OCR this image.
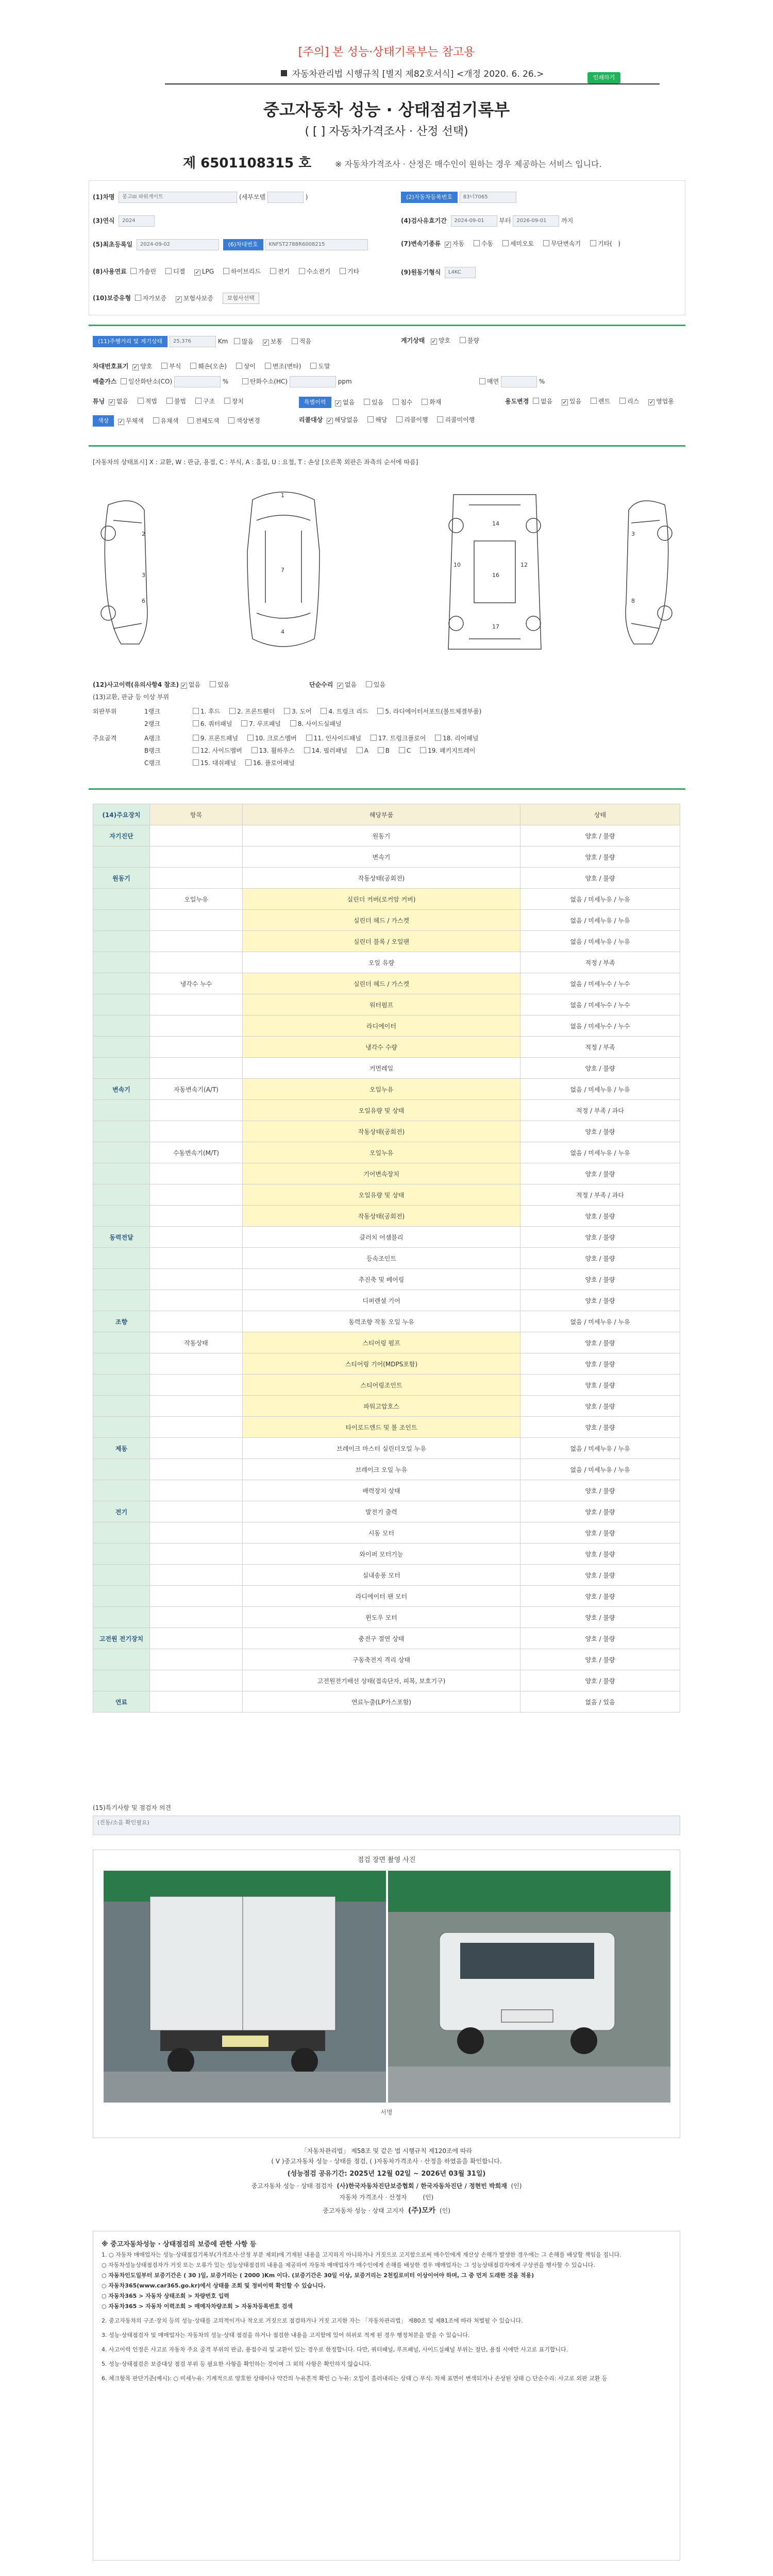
[주의] 본 성능·상태기록부는 참고용
자동차관리법 시행규칙 [별지 제82호서식] <개정 2020. 6. 26.>	인쇄하기
중고자동차 성능 · 상태점검기록부
( [ ] 자동차가격조사 · 산정 선택)
제 6501108315 호	※ 자동차가격조사 · 산정은 매수인이 원하는 경우 제공하는 서비스 입니다.
(1)차명 봉고III 파워게이트	(세부모델	)	(2)자동차등록번호 83너7065
(3)연식 2024	(4)검사유효기간 2024-09-01 부터 2026-09-01 까지
(5)최초등록일 2024-09-02	(6)차대번호 KNFST2788R6008215	(7)변속기종류 ✓ 자동	수동	세미오토	무단변속기	기타( )
(8)사용연료 가솔린	디젤 ✓	LPG	하이브리드	전기	수소전기	기타	(9)원동기형식 L4KC
(10)보증유형 자가보증 ✓	보험사보증 보험사선택
(11)주행거리 및 계기상태 25,376	Km 많음 ✓	보통	적음	계기상태 ✓ 양호	불량
차대번호표기 ✓ 양호	부식	훼손(오손)	상이	변조(변타)	도말
배출가스 일산화탄소(CO)	%	탄화수소(HC)	ppm	매연	%
튜닝 ✓ 없음	적법	불법	구조	장치	특별이력 ✓	없음	있음	침수	화재	용도변경 없음 ✓	있음	렌트	리스 ✓	영업용
색상 ✓	무채색	유채색	전체도색	색상변경	리콜대상 ✓ 해당없음	해당	리콜이행	리콜미이행
[자동차의 상태표시] X : 교환, W : 판금, 용접, C : 부식, A : 흠집, U : 요철, T : 손상 [오른쪽 외판은 좌측의 순서에 따름]
2
3
6
1
7
4
14
16
17
12
10
3
8
(12)사고이력(유의사항4 참조) ✓ 없음	있음	단순수리 ✓ 없음	있음
(13)교환, 판금 등 이상 부위
외판부위	1랭크	1. 후드	2. 프론트휀더	3. 도어	4. 트렁크 리드	5. 라디에이터서포트(볼트체결부품)
2랭크	6. 쿼터패널	7. 루프패널	8. 사이드실패널
주요골격	A랭크	9. 프론트패널	10. 크로스멤버	11. 인사이드패널	17. 트렁크플로어	18. 리어패널
B랭크	12. 사이드멤버	13. 휠하우스	14. 필러패널	A	B	C	19. 패키지트레이
C랭크	15. 대쉬패널	16. 플로어패널
(14)주요장치	항목	해당부품	상태
자기진단		원동기	양호 / 불량
		변속기	양호 / 불량
원동기		작동상태(공회전)	양호 / 불량
	오일누유	실린더 커버(로커암 커버)	없음 / 미세누유 / 누유
		실린더 헤드 / 가스켓	없음 / 미세누유 / 누유
		실린더 블록 / 오일팬	없음 / 미세누유 / 누유
		오일 유량	적정 / 부족
	냉각수 누수	실린더 헤드 / 가스켓	없음 / 미세누수 / 누수
		워터펌프	없음 / 미세누수 / 누수
		라디에이터	없음 / 미세누수 / 누수
		냉각수 수량	적정 / 부족
		커먼레일	양호 / 불량
변속기	자동변속기(A/T)	오일누유	없음 / 미세누유 / 누유
		오일유량 및 상태	적정 / 부족 / 과다
		작동상태(공회전)	양호 / 불량
	수동변속기(M/T)	오일누유	없음 / 미세누유 / 누유
		기어변속장치	양호 / 불량
		오일유량 및 상태	적정 / 부족 / 과다
		작동상태(공회전)	양호 / 불량
동력전달		클러치 어셈블리	양호 / 불량
		등속조인트	양호 / 불량
		추진축 및 베어링	양호 / 불량
		디퍼렌셜 기어	양호 / 불량
조향		동력조향 작동 오일 누유	없음 / 미세누유 / 누유
	작동상태	스티어링 펌프	양호 / 불량
		스티어링 기어(MDPS포함)	양호 / 불량
		스티어링조인트	양호 / 불량
		파워고압호스	양호 / 불량
		타이로드엔드 및 볼 조인트	양호 / 불량
제동		브레이크 마스터 실린더오일 누유	없음 / 미세누유 / 누유
		브레이크 오일 누유	없음 / 미세누유 / 누유
		배력장치 상태	양호 / 불량
전기		발전기 출력	양호 / 불량
		시동 모터	양호 / 불량
		와이퍼 모터기능	양호 / 불량
		실내송풍 모터	양호 / 불량
		라디에이터 팬 모터	양호 / 불량
		윈도우 모터	양호 / 불량
고전원 전기장치		충전구 절연 상태	양호 / 불량
		구동축전지 격리 상태	양호 / 불량
		고전원전기배선 상태(접속단자, 피복, 보호기구)	양호 / 불량
연료		연료누출(LP가스포함)	없음 / 있음
(15)특기사항 및 점검자 의견
(진동/소음 확인필요)
점검 장면 촬영 사진
서명
「자동차관리법」 제58조 및 같은 법 시행규칙 제120조에 따라
( V )중고자동차 성능 · 상태를 점검, ( )자동차가격조사 · 산정을 하였음을 확인합니다.
(성능점검 공유기간: 2025년 12월 02일 ~ 2026년 03월 31일)
중고자동차 성능 · 상태 점검자 (사)한국자동차진단보증협회 / 한국자동차진단 / 정현빈 박희재 (인)
자동차 가격조사 · 산정자	(인)
중고자동차 성능 · 상태 고지자 (주)모카 (인)
※ 중고자동차성능 · 상태점검의 보증에 관한 사항 등
1. ○ 자동차 매매업자는 성능·상태점검기록부(가격조사·산정 부분 제외)에 기재된 내용을 고지하지 아니하거나 거짓으로 고지함으로써 매수인에게 재산상 손해가 발생한 경우에는 그 손해를 배상할 책임을 집니다.
○ 자동차성능상태점검자가 거짓 또는 오류가 있는 성능상태점검의 내용을 제공하여 자동차 매매업자가 매수인에게 손해를 배상한 경우 매매업자는 그 성능상태점검자에게 구상권을 행사할 수 있습니다.
○ 자동차인도일부터 보증기간은 ( 30 )일, 보증거리는 ( 2000 )Km 이다. (보증기간은 30일 이상, 보증거리는 2천킬로미터 이상이어야 하며, 그 중 먼저 도래한 것을 적용)
○ 자동차365(www.car365.go.kr)에서 상태를 조회 및 정비이력 확인할 수 있습니다.
○ 자동차365 > 자동차 상태조회 > 차량번호 입력
○ 자동차365 > 자동차 이력조회 > 매매자차량조회 > 자동차등록번호 검색
2. 중고자동차의 구조·장치 등의 성능·상태를 고의적이거나 착오로 거짓으로 점검하거나 거짓 고지한 자는 「자동차관리법」 제80조 및 제81조에 따라 처벌될 수 있습니다.
3. 성능·상태점검자 및 매매업자는 자동차의 성능·상태 점검을 하거나 점검한 내용을 고지함에 있어 허위로 적게 된 경우 행정처분을 받을 수 있습니다.
4. 사고이력 인정은 사고로 자동차 주요 골격 부위의 판금, 용접수리 및 교환이 있는 경우로 한정합니다. 다만, 쿼터패널, 루프패널, 사이드실패널 부위는 절단, 용접 시에만 사고로 표기합니다.
5. 성능·상태점검은 보증대상 점검 부위 등 필요한 사항을 확인하는 것이며 그 외의 사항은 확인하지 않습니다.
6. 체크항목 판단기준(예시): ○ 미세누유: 기계적으로 양호한 상태이나 약간의 누유흔적 확인 ○ 누유: 오일이 흘러내리는 상태 ○ 부식: 차체 표면이 변색되거나 손상된 상태 ○ 단순수리: 사고로 외판 교환 등
